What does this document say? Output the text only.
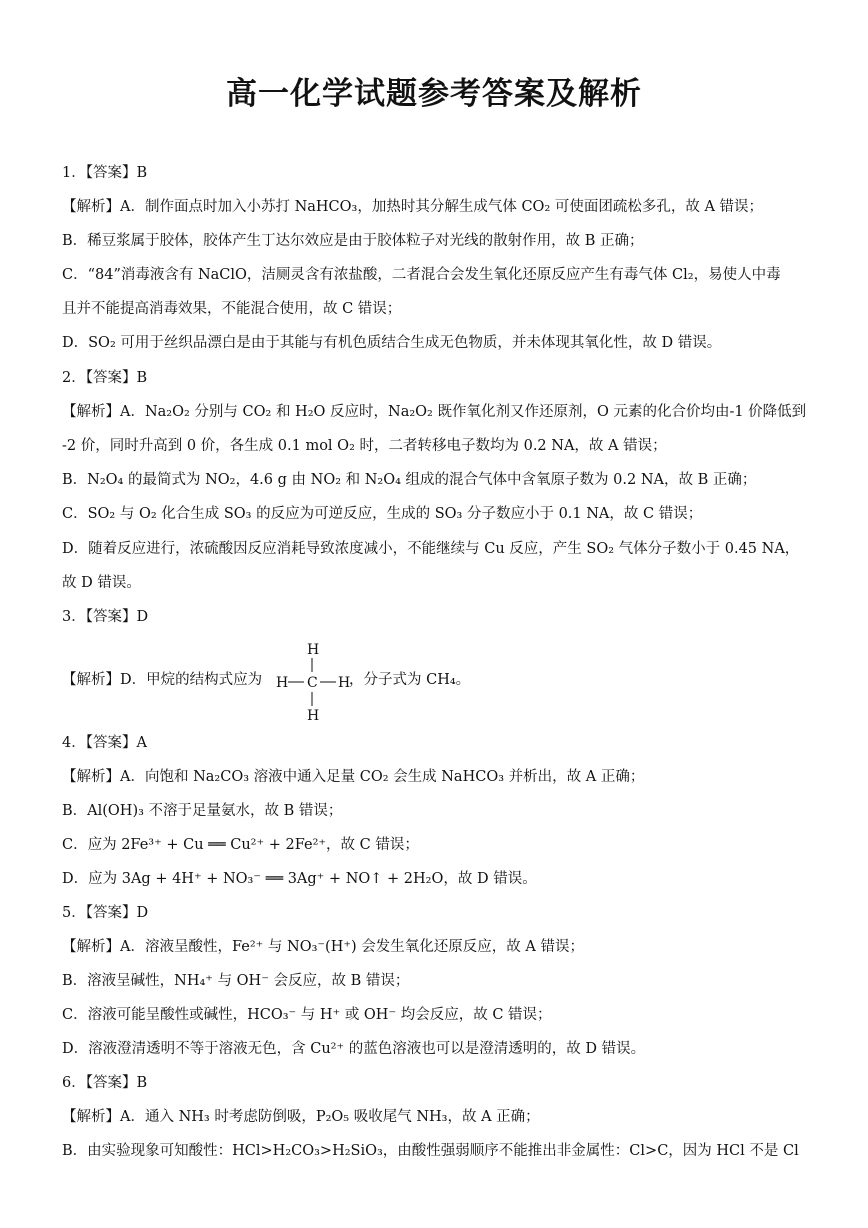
高一化学试题参考答案及解析
1．【答案】B
【解析】A．制作面点时加入小苏打 NaHCO₃，加热时其分解生成气体 CO₂ 可使面团疏松多孔，故 A 错误；
B．稀豆浆属于胶体，胶体产生丁达尔效应是由于胶体粒子对光线的散射作用，故 B 正确；
C．“84”消毒液含有 NaClO，洁厕灵含有浓盐酸，二者混合会发生氧化还原反应产生有毒气体 Cl₂，易使人中毒
且并不能提高消毒效果，不能混合使用，故 C 错误；
D．SO₂ 可用于丝织品漂白是由于其能与有机色质结合生成无色物质，并未体现其氧化性，故 D 错误。
2．【答案】B
【解析】A．Na₂O₂ 分别与 CO₂ 和 H₂O 反应时，Na₂O₂ 既作氧化剂又作还原剂，O 元素的化合价均由-1 价降低到
-2 价，同时升高到 0 价，各生成 0.1 mol O₂ 时，二者转移电子数均为 0.2 NA，故 A 错误；
B．N₂O₄ 的最简式为 NO₂，4.6 g 由 NO₂ 和 N₂O₄ 组成的混合气体中含氧原子数为 0.2 NA，故 B 正确；
C．SO₂ 与 O₂ 化合生成 SO₃ 的反应为可逆反应，生成的 SO₃ 分子数应小于 0.1 NA，故 C 错误；
D．随着反应进行，浓硫酸因反应消耗导致浓度减小，不能继续与 Cu 反应，产生 SO₂ 气体分子数小于 0.45 NA，
故 D 错误。
3．【答案】D
【解析】D．甲烷的结构式应为
H
H C H
H
，分子式为 CH₄。
4．【答案】A
【解析】A．向饱和 Na₂CO₃ 溶液中通入足量 CO₂ 会生成 NaHCO₃ 并析出，故 A 正确；
B．Al(OH)₃ 不溶于足量氨水，故 B 错误；
C．应为 2Fe³⁺ + Cu ══ Cu²⁺ + 2Fe²⁺，故 C 错误；
D．应为 3Ag + 4H⁺ + NO₃⁻ ══ 3Ag⁺ + NO↑ + 2H₂O，故 D 错误。
5．【答案】D
【解析】A．溶液呈酸性，Fe²⁺ 与 NO₃⁻(H⁺) 会发生氧化还原反应，故 A 错误；
B．溶液呈碱性，NH₄⁺ 与 OH⁻ 会反应，故 B 错误；
C．溶液可能呈酸性或碱性，HCO₃⁻ 与 H⁺ 或 OH⁻ 均会反应，故 C 错误；
D．溶液澄清透明不等于溶液无色，含 Cu²⁺ 的蓝色溶液也可以是澄清透明的，故 D 错误。
6．【答案】B
【解析】A．通入 NH₃ 时考虑防倒吸，P₂O₅ 吸收尾气 NH₃，故 A 正确；
B．由实验现象可知酸性：HCl>H₂CO₃>H₂SiO₃，由酸性强弱顺序不能推出非金属性：Cl>C，因为 HCl 不是 Cl
